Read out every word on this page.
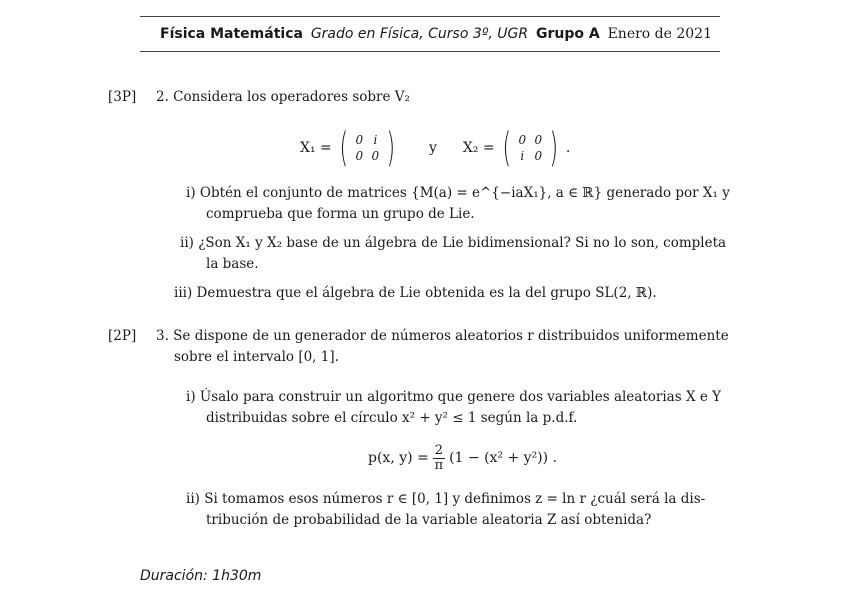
Física Matemática Grado en Física, Curso 3º, UGR Grupo A Enero de 2021
[3P] 2. Considera los operadores sobre V₂
X₁ = ( 0 i
0 0 ) y X₂ = ( 0 0
i 0 ) .
i) Obtén el conjunto de matrices {M(a) = e^{−iaX₁}, a ∈ ℝ} generado por X₁ y
comprueba que forma un grupo de Lie.
ii) ¿Son X₁ y X₂ base de un álgebra de Lie bidimensional? Si no lo son, completa
la base.
iii) Demuestra que el álgebra de Lie obtenida es la del grupo SL(2, ℝ).
[2P] 3. Se dispone de un generador de números aleatorios r distribuidos uniformemente
sobre el intervalo [0, 1].
i) Úsalo para construir un algoritmo que genere dos variables aleatorias X e Y
distribuidas sobre el círculo x² + y² ≤ 1 según la p.d.f.
p(x, $y) = \frac{2}{\pi} (1 - (x^2 + y^2))$ .
ii) Si tomamos esos números r ∈ [0, 1] y definimos z = ln r ¿cuál será la dis-
tribución de probabilidad de la variable aleatoria Z así obtenida?
Duración: 1h30m
